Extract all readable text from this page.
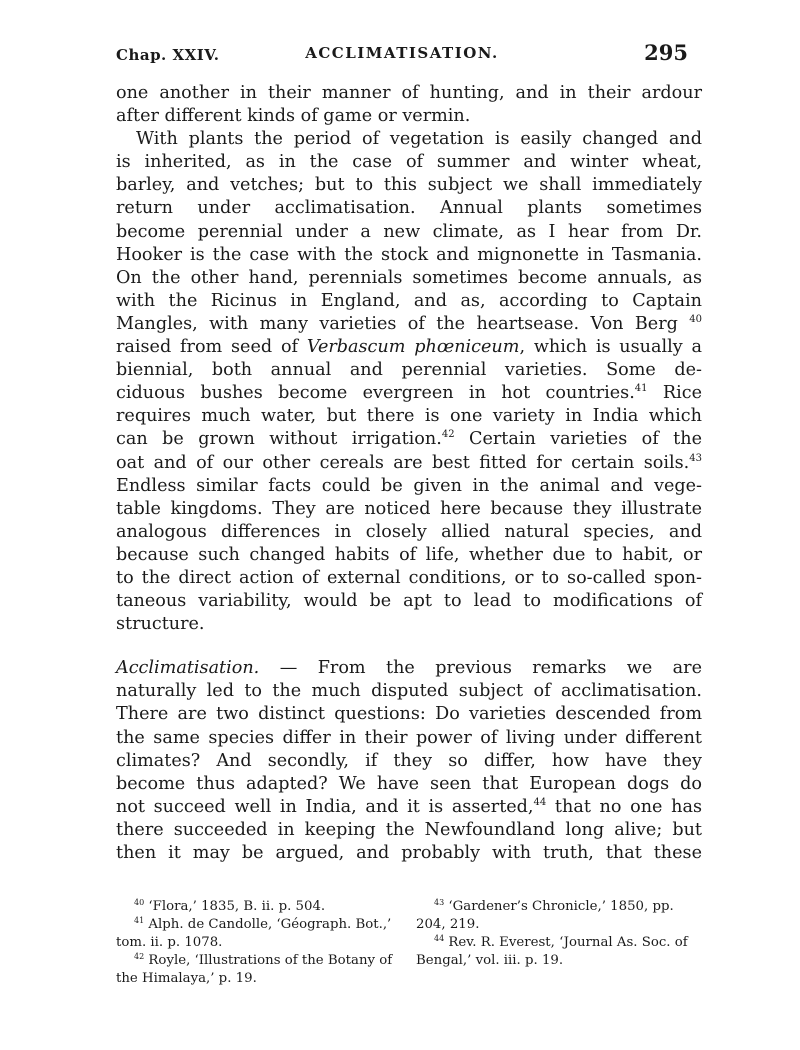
Chap. XXIV.	ACCLIMATISATION.	295

one another in their manner of hunting, and in their ardour
after different kinds of game or vermin.

With plants the period of vegetation is easily changed and
is inherited, as in the case of summer and winter wheat,
barley, and vetches; but to this subject we shall immediately
return under acclimatisation. Annual plants sometimes
become perennial under a new climate, as I hear from Dr.
Hooker is the case with the stock and mignonette in Tasmania.
On the other hand, perennials sometimes become annuals, as
with the Ricinus in England, and as, according to Captain
Mangles, with many varieties of the heartsease. Von Berg $^{40}$
raised from seed of Verbascum phœniceum, which is usually a
biennial, both annual and perennial varieties. Some de-
ciduous bushes become evergreen in hot countries.$^{41}$ Rice
requires much water, but there is one variety in India which
can be grown without irrigation.$^{42}$ Certain varieties of the
oat and of our other cereals are best fitted for certain soils.$^{43}$
Endless similar facts could be given in the animal and vege-
table kingdoms. They are noticed here because they illustrate
analogous differences in closely allied natural species, and
because such changed habits of life, whether due to habit, or
to the direct action of external conditions, or to so-called spon-
taneous variability, would be apt to lead to modifications of
structure.

Acclimatisation. — From the previous remarks we are
naturally led to the much disputed subject of acclimatisation.
There are two distinct questions: Do varieties descended from
the same species differ in their power of living under different
climates? And secondly, if they so differ, how have they
become thus adapted? We have seen that European dogs do
not succeed well in India, and it is asserted,$^{44}$ that no one has
there succeeded in keeping the Newfoundland long alive; but
then it may be argued, and probably with truth, that these

$^{40}$ ‘Flora,’ 1835, B. ii. p. 504.

$^{41}$ Alph. de Candolle, ‘Géograph. Bot.,’ tom. ii. p. 1078.

$^{42}$ Royle, ‘Illustrations of the Botany of the Himalaya,’ p. 19.

$^{43}$ ‘Gardener’s Chronicle,’ 1850, pp. 204, 219.

$^{44}$ Rev. R. Everest, ‘Journal As. Soc. of Bengal,’ vol. iii. p. 19.
